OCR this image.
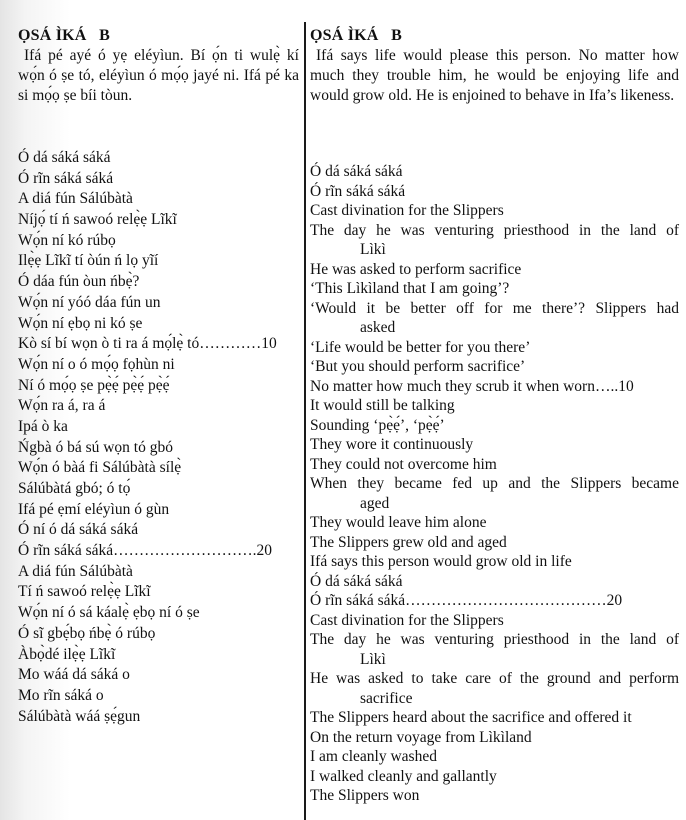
ỌSÁ ÌKÁ   B

Ifá pé ayé ó yẹ eléyìun. Bí ọ́n ti wulẹ̀ kí wọ́n ó ṣe tó, eléyìun ó mọ́ọ jayé ni. Ifá pé ka si mọ́ọ ṣe bíi tòun.

Ó dá sáká sáká
Ó rĩn sáká sáká
A diá fún Sálúbàtà
Níjọ́ tí ń sawoó relẹ̀ẹ Lĩkĩ
Wọ́n ní kó rúbọ
Ilẹ̀ẹ Lĩkĩ tí òún ń lọ yĩí
Ó dáa fún òun ńbẹ̀?
Wọ́n ní yóó dáa fún un
Wọ́n ní ẹbọ ni kó ṣe
Kò sí bí wọn ò ti ra á mọ́lẹ̀ tó…………10
Wọ́n ní o ó mọ́ọ fọhùn ni
Ní ó mọ́ọ ṣe pẹ̀ẹ́ pẹ̀ẹ́ pẹ̀ẹ́
Wọ́n ra á, ra á
Ipá ò ka
Ńgbà ó bá sú wọn tó gbó
Wọ́n ó bàá fi Sálúbàtà sílẹ̀
Sálúbàtá gbó; ó tọ́
Ifá pé ẹmí eléyìun ó gùn
Ó ní ó dá sáká sáká
Ó rĩn sáká sáká……………………….20
A diá fún Sálúbàtà
Tí ń sawoó relẹ̀ẹ Lĩkĩ
Wọ́n ní ó sá káalẹ̀ ẹbọ ní ó ṣe
Ó sĩ gbẹ́bọ ńbẹ̀ ó rúbọ
Àbọ̀dé ilẹ̀ẹ Lĩkĩ
Mo wáá dá sáká o
Mo rĩn sáká o
Sálúbàtà wáá ṣẹ́gun
ỌSÁ ÌKÁ   B

Ifá says life would please this person. No matter how much they trouble him, he would be enjoying life and would grow old. He is enjoined to behave in Ifa’s likeness.

Ó dá sáká sáká
Ó rĩn sáká sáká
Cast divination for the Slippers
The day he was venturing priesthood in the land of
Lìkì
He was asked to perform sacrifice
‘This Lìkìland that I am going’?
‘Would it be better off for me there’? Slippers had
asked
‘Life would be better for you there’
‘But you should perform sacrifice’
No matter how much they scrub it when worn…..10
It would still be talking
Sounding ‘pẹ̀ẹ́’, ‘pẹ̀ẹ́’
They wore it continuously
They could not overcome him
When they became fed up and the Slippers became
aged
They would leave him alone
The Slippers grew old and aged
Ifá says this person would grow old in life
Ó dá sáká sáká
Ó rĩn sáká sáká…………………………………20
Cast divination for the Slippers
The day he was venturing priesthood in the land of
Lìkì
He was asked to take care of the ground and perform
sacrifice
The Slippers heard about the sacrifice and offered it
On the return voyage from Lìkìland
I am cleanly washed
I walked cleanly and gallantly
The Slippers won
